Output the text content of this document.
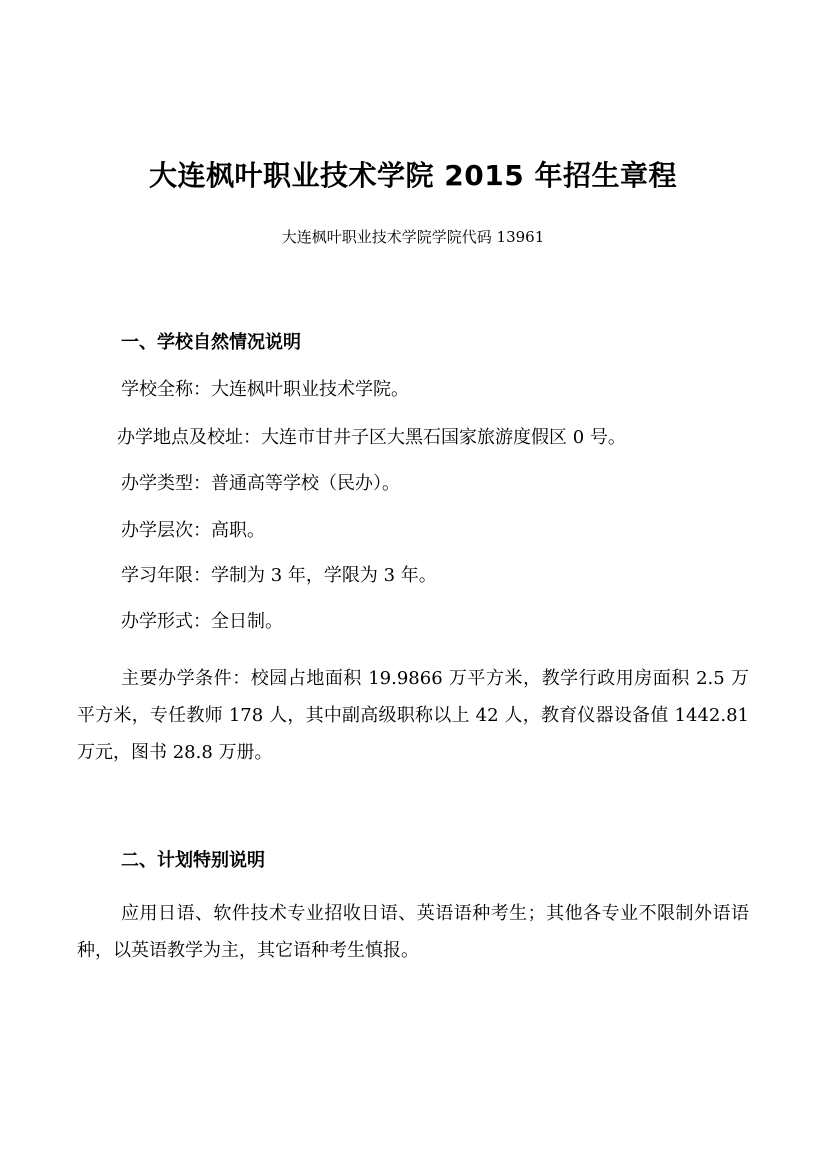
大连枫叶职业技术学院 2015 年招生章程
大连枫叶职业技术学院学院代码 13961
一、学校自然情况说明
学校全称：大连枫叶职业技术学院。
办学地点及校址：大连市甘井子区大黑石国家旅游度假区 0 号。
办学类型：普通高等学校（民办）。
办学层次：高职。
学习年限：学制为 3 年，学限为 3 年。
办学形式：全日制。
主要办学条件：校园占地面积 19.9866 万平方米，教学行政用房面积 2.5 万平方米，专任教师 178 人，其中副高级职称以上 42 人，教育仪器设备值 1442.81 万元，图书 28.8 万册。
二、计划特别说明
应用日语、软件技术专业招收日语、英语语种考生；其他各专业不限制外语语种，以英语教学为主，其它语种考生慎报。
